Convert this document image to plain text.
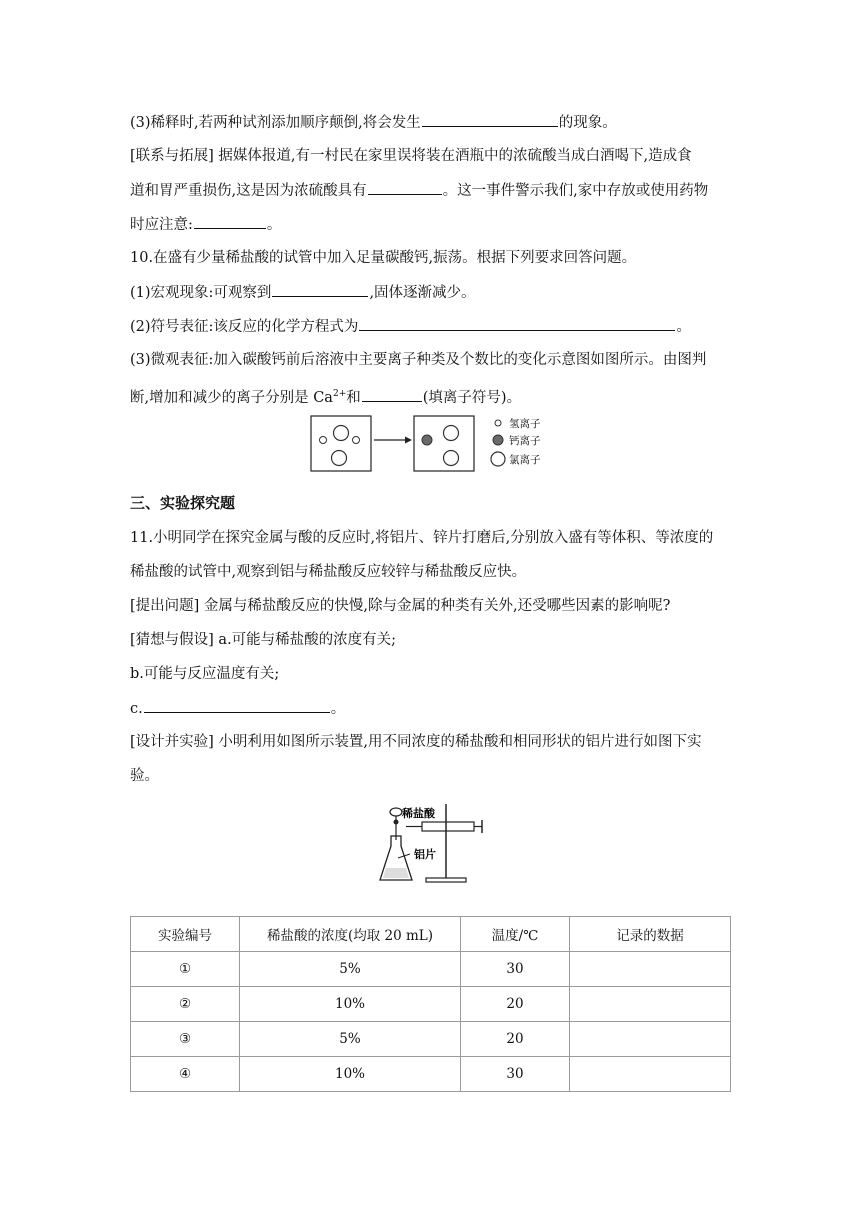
(3)稀释时,若两种试剂添加顺序颠倒,将会发生	的现象。
[联系与拓展] 据媒体报道,有一村民在家里误将装在酒瓶中的浓硫酸当成白酒喝下,造成食
道和胃严重损伤,这是因为浓硫酸具有	。这一事件警示我们,家中存放或使用药物
时应注意:	。
10.在盛有少量稀盐酸的试管中加入足量碳酸钙,振荡。根据下列要求回答问题。
(1)宏观现象:可观察到	,固体逐渐减少。
(2)符号表征:该反应的化学方程式为	。
(3)微观表征:加入碳酸钙前后溶液中主要离子种类及个数比的变化示意图如图所示。由图判
断,增加和减少的离子分别是 $Ca^{2+}$和	(填离子符号)。
氢离子
钙离子
氯离子
三、实验探究题
11.小明同学在探究金属与酸的反应时,将铝片、锌片打磨后,分别放入盛有等体积、等浓度的
稀盐酸的试管中,观察到铝与稀盐酸反应较锌与稀盐酸反应快。
[提出问题] 金属与稀盐酸反应的快慢,除与金属的种类有关外,还受哪些因素的影响呢?
[猜想与假设] a.可能与稀盐酸的浓度有关;
b.可能与反应温度有关;
c.	。
[设计并实验] 小明利用如图所示装置,用不同浓度的稀盐酸和相同形状的铝片进行如图下实
验。
稀盐酸
铝片
实验编号	稀盐酸的浓度(均取 20 mL)	温度/℃	记录的数据
①	5%	30	
②	10%	20	
③	5%	20	
④	10%	30	
